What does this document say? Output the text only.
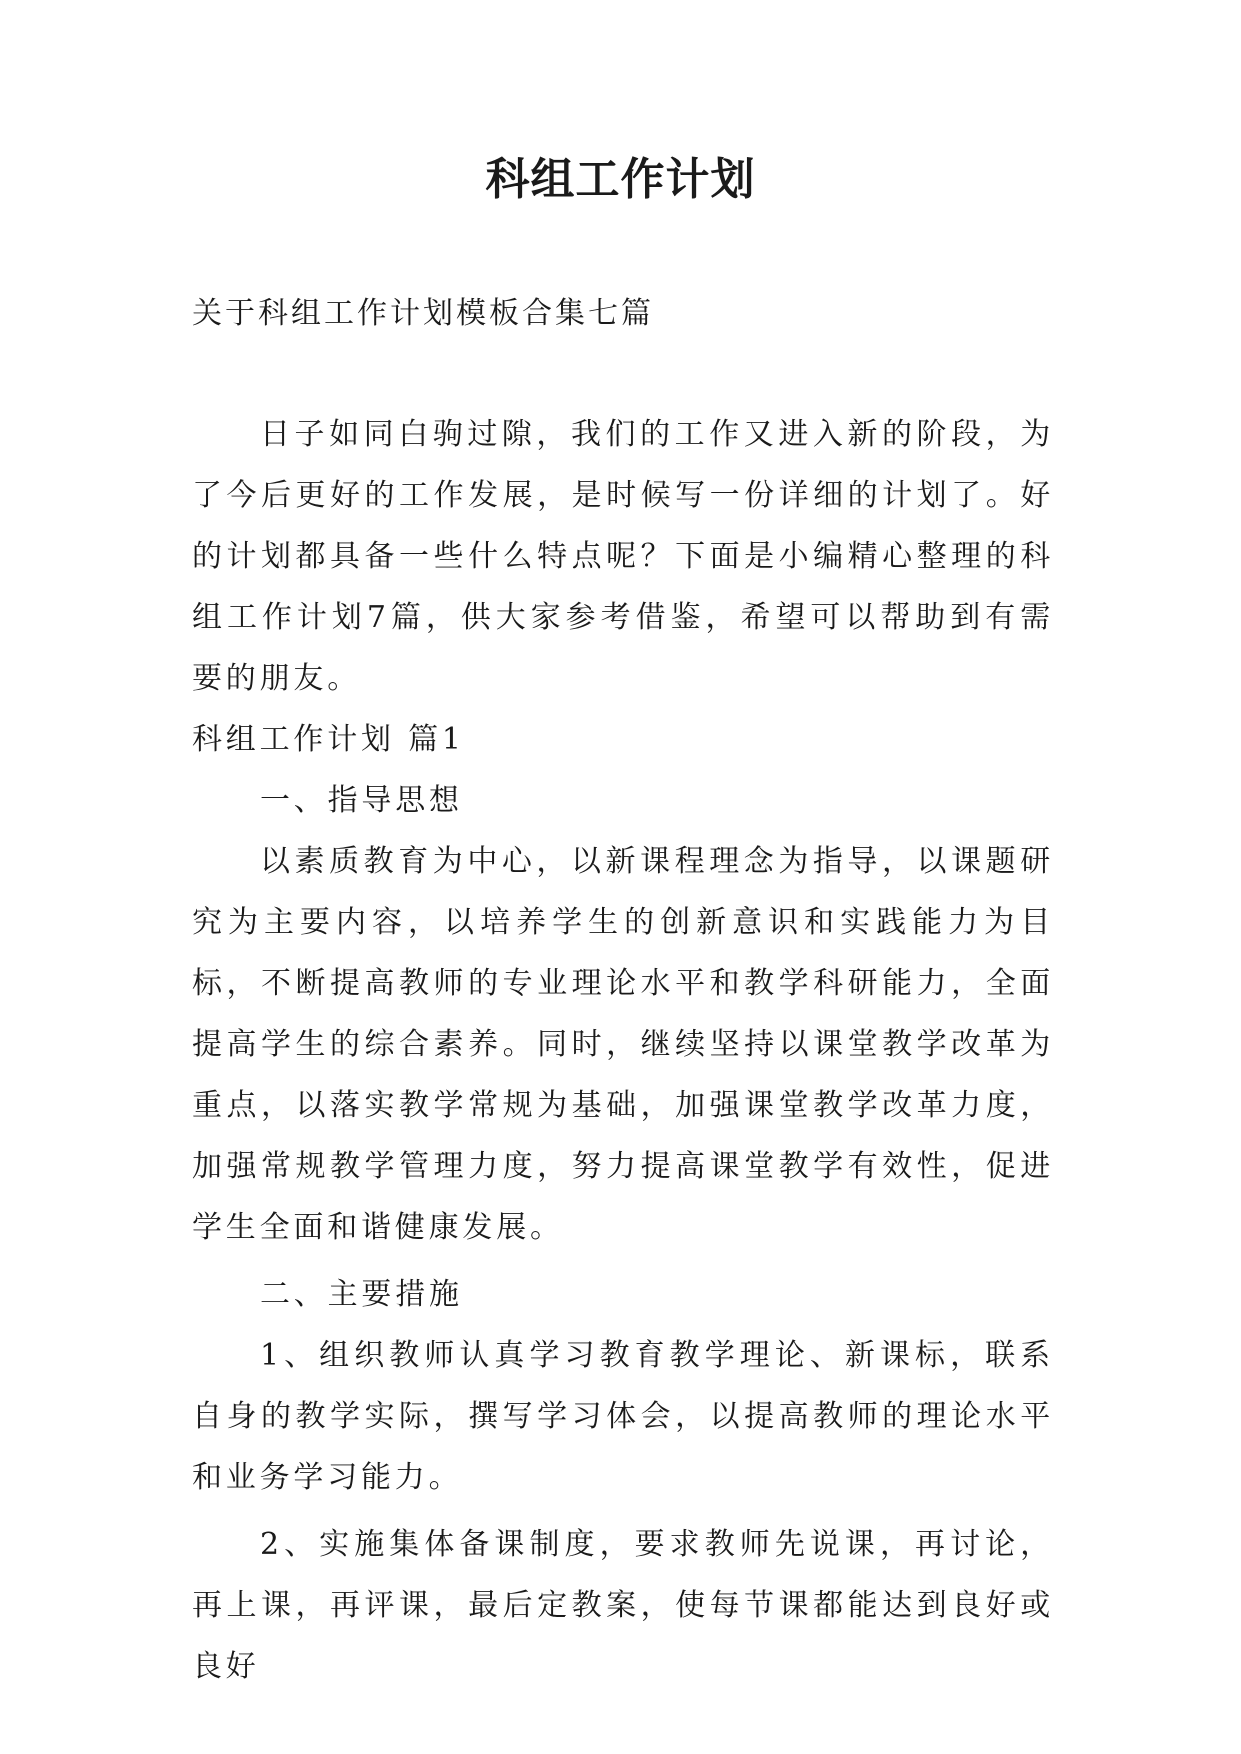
科组工作计划

关于科组工作计划模板合集七篇

日子如同白驹过隙，我们的工作又进入新的阶段，为了今后更好的工作发展，是时候写一份详细的计划了。好的计划都具备一些什么特点呢？下面是小编精心整理的科组工作计划7篇，供大家参考借鉴，希望可以帮助到有需要的朋友。

科组工作计划 篇1

一、指导思想

以素质教育为中心，以新课程理念为指导，以课题研究为主要内容，以培养学生的创新意识和实践能力为目标，不断提高教师的专业理论水平和教学科研能力，全面提高学生的综合素养。同时，继续坚持以课堂教学改革为重点，以落实教学常规为基础，加强课堂教学改革力度，加强常规教学管理力度，努力提高课堂教学有效性，促进学生全面和谐健康发展。

二、主要措施

1、组织教师认真学习教育教学理论、新课标，联系自身的教学实际，撰写学习体会，以提高教师的理论水平和业务学习能力。

2、实施集体备课制度，要求教师先说课，再讨论，再上课，再评课，最后定教案，使每节课都能达到良好或良好
